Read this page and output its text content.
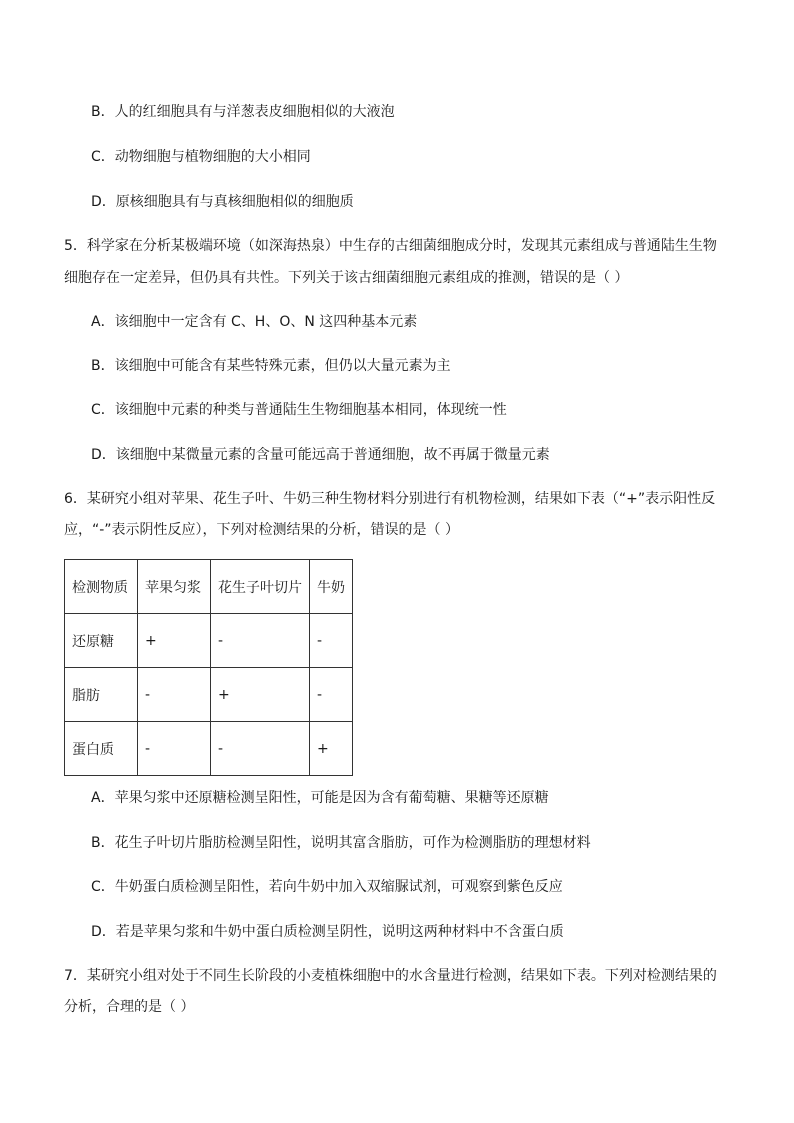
B．人的红细胞具有与洋葱表皮细胞相似的大液泡
C．动物细胞与植物细胞的大小相同
D．原核细胞具有与真核细胞相似的细胞质
5．科学家在分析某极端环境（如深海热泉）中生存的古细菌细胞成分时，发现其元素组成与普通陆生生物
细胞存在一定差异，但仍具有共性。下列关于该古细菌细胞元素组成的推测，错误的是（ ）
A．该细胞中一定含有 C、H、O、N 这四种基本元素
B．该细胞中可能含有某些特殊元素，但仍以大量元素为主
C．该细胞中元素的种类与普通陆生生物细胞基本相同，体现统一性
D．该细胞中某微量元素的含量可能远高于普通细胞，故不再属于微量元素
6．某研究小组对苹果、花生子叶、牛奶三种生物材料分别进行有机物检测，结果如下表（“+”表示阳性反
应，“-”表示阴性反应），下列对检测结果的分析，错误的是（ ）
检测物质	苹果匀浆	花生子叶切片	牛奶
还原糖	+	-	-
脂肪	-	+	-
蛋白质	-	-	+
A．苹果匀浆中还原糖检测呈阳性，可能是因为含有葡萄糖、果糖等还原糖
B．花生子叶切片脂肪检测呈阳性，说明其富含脂肪，可作为检测脂肪的理想材料
C．牛奶蛋白质检测呈阳性，若向牛奶中加入双缩脲试剂，可观察到紫色反应
D．若是苹果匀浆和牛奶中蛋白质检测呈阴性，说明这两种材料中不含蛋白质
7．某研究小组对处于不同生长阶段的小麦植株细胞中的水含量进行检测，结果如下表。下列对检测结果的
分析，合理的是（ ）
